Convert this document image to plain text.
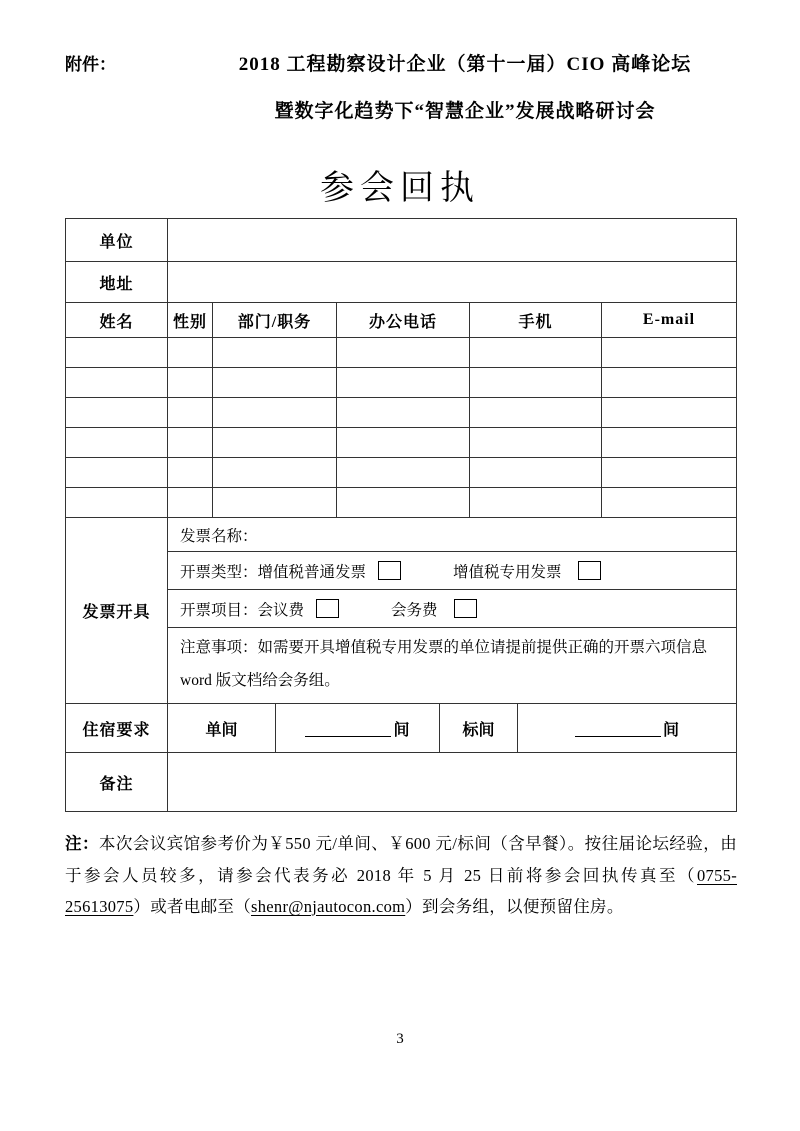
附件：	2018 工程勘察设计企业（第十一届）CIO 高峰论坛
暨数字化趋势下“智慧企业”发展战略研讨会
参会回执
单位
地址
姓名	性别	部门/职务	办公电话	手机	E-mail
发票开具
发票名称：
开票类型： 增值税普通发票	增值税专用发票
开票项目： 会议费	会务费
注意事项：如需要开具增值税专用发票的单位请提前提供正确的开票六项信息
word 版文档给会务组。
住宿要求	单间	间	标间	间
备注
注：本次会议宾馆参考价为￥550 元/单间、￥600 元/标间（含早餐）。按往届论坛经验，由于参会人员较多，请参会代表务必 2018 年 5 月 25 日前将参会回执传真至（0755-25613075）或者电邮至（shenr@njautocon.com）到会务组，以便预留住房。
3
